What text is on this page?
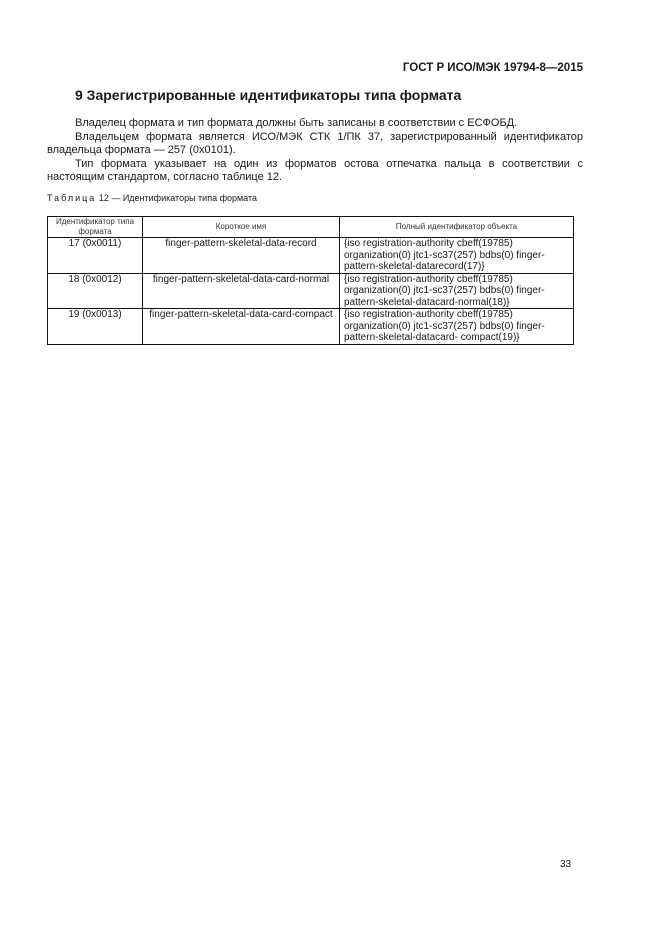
ГОСТ Р ИСО/МЭК 19794-8—2015
9 Зарегистрированные идентификаторы типа формата

Владелец формата и тип формата должны быть записаны в соответствии с ЕСФОБД.

Владельцем формата является ИСО/МЭК СТК 1/ПК 37, зарегистрированный идентификатор владельца формата — 257 (0x0101).

Тип формата указывает на один из форматов остова отпечатка пальца в соответствии с настоящим стандартом, согласно таблице 12.

Таблица 12 — Идентификаторы типа формата
Идентификатор типа формата	Короткое имя	Полный идентификатор объекта
17 (0x0011)	finger-pattern-skeletal-data-record	{iso registration-authority cbeff(19785) organization(0) jtc1-sc37(257) bdbs(0) finger-pattern-skeletal-datarecord(17)}
18 (0x0012)	finger-pattern-skeletal-data-card-normal	{iso registration-authority cbeff(19785) organization(0) jtc1-sc37(257) bdbs(0) finger-pattern-skeletal-datacard-normal(18)}
19 (0x0013)	finger-pattern-skeletal-data-card-compact	{iso registration-authority cbeff(19785) organization(0) jtc1-sc37(257) bdbs(0) finger-pattern-skeletal-datacard- compact(19)}
33
